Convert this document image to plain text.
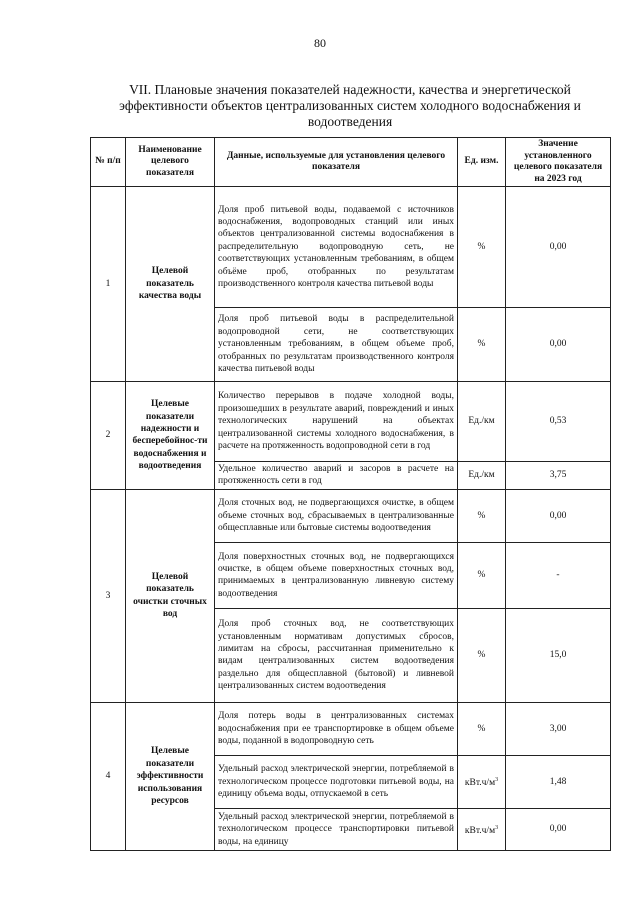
80
VII. Плановые значения показателей надежности, качества и энергетической эффективности объектов централизованных систем холодного водоснабжения и водоотведения
№ п/п	Наименование целевого показателя	Данные, используемые для установления целевого показателя	Ед. изм.	Значение установленного целевого показателя на 2023 год
1	Целевой показатель качества воды	Доля проб питьевой воды, подаваемой с источников водоснабжения, водопроводных станций или иных объектов централизованной системы водоснабжения в распределительную водопроводную сеть, не соответствующих установленным требованиям, в общем объёме проб, отобранных по результатам производственного контроля качества питьевой воды	%	0,00
		Доля проб питьевой воды в распределительной водопроводной сети, не соответствующих установленным требованиям, в общем объеме проб, отобранных по результатам производственного контроля качества питьевой воды	%	0,00
2	Целевые показатели надежности и бесперебойнос-ти водоснабжения и водоотведения	Количество перерывов в подаче холодной воды, произошедших в результате аварий, повреждений и иных технологических нарушений на объектах централизованной системы холодного водоснабжения, в расчете на протяженность водопроводной сети в год	Ед./км	0,53
		Удельное количество аварий и засоров в расчете на протяженность сети в год	Ед./км	3,75
3	Целевой показатель очистки сточных вод	Доля сточных вод, не подвергающихся очистке, в общем объеме сточных вод, сбрасываемых в централизованные общесплавные или бытовые системы водоотведения	%	0,00
		Доля поверхностных сточных вод, не подвергающихся очистке, в общем объеме поверхностных сточных вод, принимаемых в централизованную ливневую систему водоотведения	%	-
		Доля проб сточных вод, не соответствующих установленным нормативам допустимых сбросов, лимитам на сбросы, рассчитанная применительно к видам централизованных систем водоотведения раздельно для общесплавной (бытовой) и ливневой централизованных систем водоотведения	%	15,0
4	Целевые показатели эффективности использования ресурсов	Доля потерь воды в централизованных системах водоснабжения при ее транспортировке в общем объеме воды, поданной в водопроводную сеть	%	3,00
		Удельный расход электрической энергии, потребляемой в технологическом процессе подготовки питьевой воды, на единицу объема воды, отпускаемой в сеть	$кВт.ч/м^3$	1,48
		Удельный расход электрической энергии, потребляемой в технологическом процессе транспортировки питьевой воды, на единицу	$кВт.ч/м^3$	0,00
